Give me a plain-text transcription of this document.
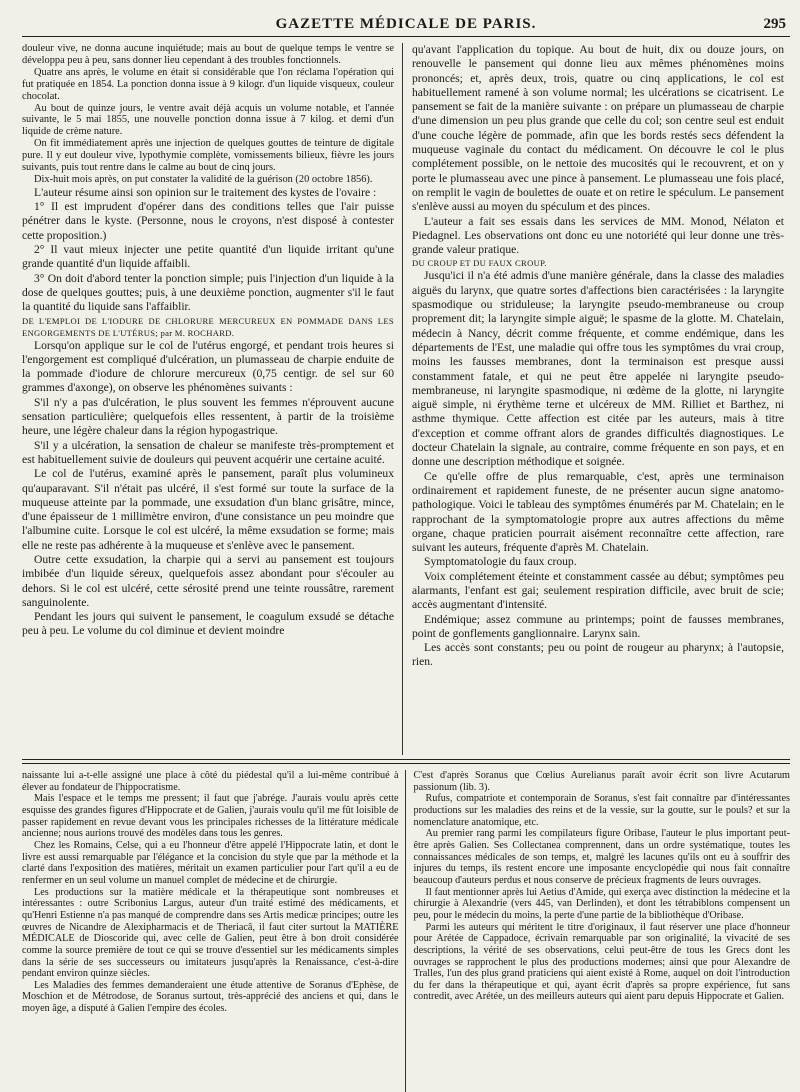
GAZETTE MÉDICALE DE PARIS.	295

douleur vive, ne donna aucune inquiétude; mais au bout de quelque temps le ventre se développa peu à peu, sans donner lieu cependant à des troubles fonctionnels.

Quatre ans après, le volume en était si considérable que l'on réclama l'opération qui fut pratiquée en 1854. La ponction donna issue à 9 kilogr. d'un liquide visqueux, couleur chocolat.

Au bout de quinze jours, le ventre avait déjà acquis un volume notable, et l'année suivante, le 5 mai 1855, une nouvelle ponction donna issue à 7 kilog. et demi d'un liquide de crème nature.

On fit immédiatement après une injection de quelques gouttes de teinture de digitale pure. Il y eut douleur vive, lypothymie complète, vomissements bilieux, fièvre les jours suivants, puis tout rentre dans le calme au bout de cinq jours.

Dix-huit mois après, on put constater la validité de la guérison (20 octobre 1856).

L'auteur résume ainsi son opinion sur le traitement des kystes de l'ovaire :

1° Il est imprudent d'opérer dans des conditions telles que l'air puisse pénétrer dans le kyste. (Personne, nous le croyons, n'est disposé à contester cette proposition.)

2° Il vaut mieux injecter une petite quantité d'un liquide irritant qu'une grande quantité d'un liquide affaibli.

3° On doit d'abord tenter la ponction simple; puis l'injection d'un liquide à la dose de quelques gouttes; puis, à une deuxième ponction, augmenter s'il le faut la quantité du liquide sans l'affaiblir.

DE L'EMPLOI DE L'IODURE DE CHLORURE MERCUREUX EN POMMADE DANS LES ENGORGEMENTS DE L'UTÉRUS; par M. ROCHARD.

Lorsqu'on applique sur le col de l'utérus engorgé, et pendant trois heures si l'engorgement est compliqué d'ulcération, un plumasseau de charpie enduite de la pommade d'iodure de chlorure mercureux (0,75 centigr. de sel sur 60 grammes d'axonge), on observe les phénomènes suivants :

S'il n'y a pas d'ulcération, le plus souvent les femmes n'éprouvent aucune sensation particulière; quelquefois elles ressentent, à partir de la troisième heure, une légère chaleur dans la région hypogastrique.

S'il y a ulcération, la sensation de chaleur se manifeste très-promptement et est habituellement suivie de douleurs qui peuvent acquérir une certaine acuité.

Le col de l'utérus, examiné après le pansement, paraît plus volumineux qu'auparavant. S'il n'était pas ulcéré, il s'est formé sur toute la surface de la muqueuse atteinte par la pommade, une exsudation d'un blanc grisâtre, mince, d'une épaisseur de 1 millimètre environ, d'une consistance un peu moindre que l'albumine cuite. Lorsque le col est ulcéré, la même exsudation se forme; mais elle ne reste pas adhérente à la muqueuse et s'enlève avec le pansement.

Outre cette exsudation, la charpie qui a servi au pansement est toujours imbibée d'un liquide séreux, quelquefois assez abondant pour s'écouler au dehors. Si le col est ulcéré, cette sérosité prend une teinte roussâtre, rarement sanguinolente.

Pendant les jours qui suivent le pansement, le coagulum exsudé se détache peu à peu. Le volume du col diminue et devient moindre

qu'avant l'application du topique. Au bout de huit, dix ou douze jours, on renouvelle le pansement qui donne lieu aux mêmes phénomènes moins prononcés; et, après deux, trois, quatre ou cinq applications, le col est habituellement ramené à son volume normal; les ulcérations se cicatrisent. Le pansement se fait de la manière suivante : on prépare un plumasseau de charpie d'une dimension un peu plus grande que celle du col; son centre seul est enduit d'une couche légère de pommade, afin que les bords restés secs défendent la muqueuse vaginale du contact du médicament. On découvre le col le plus complétement possible, on le nettoie des mucosités qui le recouvrent, et on y porte le plumasseau avec une pince à pansement. Le plumasseau une fois placé, on remplit le vagin de boulettes de ouate et on retire le spéculum. Le pansement s'enlève aussi au moyen du spéculum et des pinces.

L'auteur a fait ses essais dans les services de MM. Monod, Nélaton et Piedagnel. Les observations ont donc eu une notoriété qui leur donne une très-grande valeur pratique.

DU CROUP ET DU FAUX CROUP.

Jusqu'ici il n'a été admis d'une manière générale, dans la classe des maladies aiguës du larynx, que quatre sortes d'affections bien caractérisées : la laryngite spasmodique ou striduleuse; la laryngite pseudo-membraneuse ou croup proprement dit; la laryngite simple aiguë; le spasme de la glotte. M. Chatelain, médecin à Nancy, décrit comme fréquente, et comme endémique, dans les départements de l'Est, une maladie qui offre tous les symptômes du vrai croup, moins les fausses membranes, dont la terminaison est presque aussi constamment fatale, et qui ne peut être appelée ni laryngite pseudo-membraneuse, ni laryngite spasmodique, ni œdème de la glotte, ni laryngite aiguë simple, ni érythème terne et ulcéreux de MM. Rilliet et Barthez, ni asthme thymique. Cette affection est citée par les auteurs, mais à titre d'exception et comme offrant alors de grandes difficultés diagnostiques. Le docteur Chatelain la signale, au contraire, comme fréquente en son pays, et en donne une description méthodique et soignée.

Ce qu'elle offre de plus remarquable, c'est, après une terminaison ordinairement et rapidement funeste, de ne présenter aucun signe anatomo-pathologique. Voici le tableau des symptômes énumérés par M. Chatelain; en le rapprochant de la symptomatologie propre aux autres affections du même organe, chaque praticien pourrait aisément reconnaître cette affection, rare suivant les auteurs, fréquente d'après M. Chatelain.

Symptomatologie du faux croup.

Voix complétement éteinte et constamment cassée au début; symptômes peu alarmants, l'enfant est gai; seulement respiration difficile, avec bruit de scie; accès augmentant d'intensité.

Endémique; assez commune au printemps; point de fausses membranes, point de gonflements ganglionnaire. Larynx sain.

Les accès sont constants; peu ou point de rougeur au pharynx; à l'autopsie, rien.

naissante lui a-t-elle assigné une place à côté du piédestal qu'il a lui-même contribué à élever au fondateur de l'hippocratisme.

Mais l'espace et le temps me pressent; il faut que j'abrége. J'aurais voulu après cette esquisse des grandes figures d'Hippocrate et de Galien, j'aurais voulu qu'il me fût loisible de passer rapidement en revue devant vous les principales richesses de la littérature médicale ancienne; nous aurions trouvé des modèles dans tous les genres.

Chez les Romains, Celse, qui a eu l'honneur d'être appelé l'Hippocrate latin, et dont le livre est aussi remarquable par l'élégance et la concision du style que par la méthode et la clarté dans l'exposition des matières, méritait un examen particulier pour l'art qu'il a eu de renfermer en un seul volume un manuel complet de médecine et de chirurgie.

Les productions sur la matière médicale et la thérapeutique sont nombreuses et intéressantes : outre Scribonius Largus, auteur d'un traité estimé des médicaments, et qu'Henri Estienne n'a pas manqué de comprendre dans ses Artis medicæ principes; outre les œuvres de Nicandre de Alexipharmacis et de Theriacâ, il faut citer surtout la MATIÈRE MÉDICALE de Dioscoride qui, avec celle de Galien, peut être à bon droit considérée comme la source première de tout ce qui se trouve d'essentiel sur les médicaments simples dans la série de ses successeurs ou imitateurs jusqu'après la Renaissance, c'est-à-dire pendant environ quinze siècles.

Les Maladies des femmes demanderaient une étude attentive de Soranus d'Ephèse, de Moschion et de Métrodose, de Soranus surtout, très-apprécié des anciens et qui, dans le moyen âge, a disputé à Galien l'empire des écoles.

C'est d'après Soranus que Cœlius Aurelianus paraît avoir écrit son livre Acutarum passionum (lib. 3).

Rufus, compatriote et contemporain de Soranus, s'est fait connaître par d'intéressantes productions sur les maladies des reins et de la vessie, sur la goutte, sur le pouls? et sur la nomenclature anatomique, etc.

Au premier rang parmi les compilateurs figure Oribase, l'auteur le plus important peut-être après Galien. Ses Collectanea comprennent, dans un ordre systématique, toutes les connaissances médicales de son temps, et, malgré les lacunes qu'ils ont eu à souffrir des injures du temps, ils restent encore une imposante encyclopédie qui nous fait connaître beaucoup d'auteurs perdus et nous conserve de précieux fragments de leurs ouvrages.

Il faut mentionner après lui Aetius d'Amide, qui exerça avec distinction la médecine et la chirurgie à Alexandrie (vers 445, van Derlinden), et dont les tétrabiblons compensent un peu, pour le médecin du moins, la perte d'une partie de la bibliothèque d'Oribase.

Parmi les auteurs qui méritent le titre d'originaux, il faut réserver une place d'honneur pour Arétée de Cappadoce, écrivain remarquable par son originalité, la vivacité de ses descriptions, la vérité de ses observations, celui peut-être de tous les Grecs dont les ouvrages se rapprochent le plus des productions modernes; ainsi que pour Alexandre de Tralles, l'un des plus grand praticiens qui aient existé à Rome, auquel on doit l'introduction du fer dans la thérapeutique et qui, ayant écrit d'après sa propre expérience, fut sans contredit, avec Arétée, un des meilleurs auteurs qui aient paru depuis Hippocrate et Galien.
